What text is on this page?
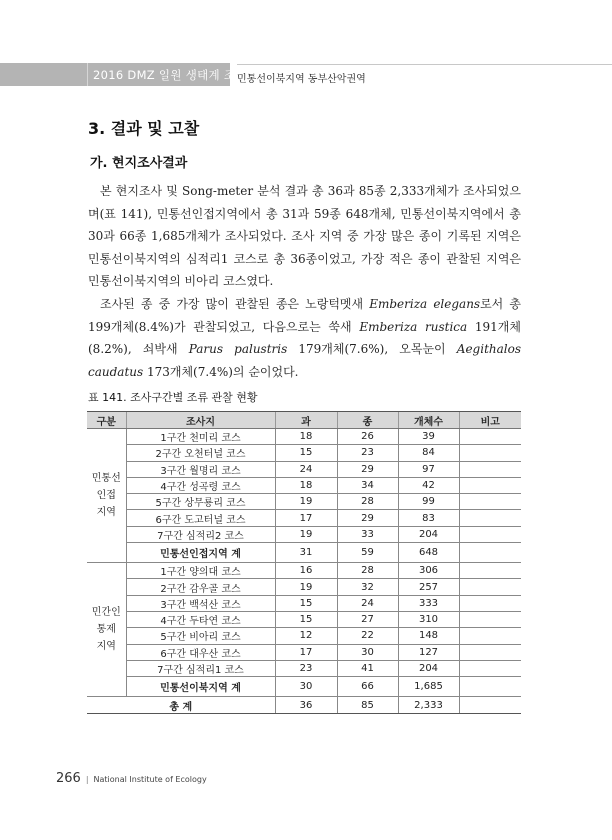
2016 DMZ 일원 생태계 조사
민통선이북지역 동부산악권역
3. 결과 및 고찰
가. 현지조사결과
본 현지조사 및 Song-meter 분석 결과 총 36과 85종 2,333개체가 조사되었으며(표 141), 민통선인접지역에서 총 31과 59종 648개체, 민통선이북지역에서 총 30과 66종 1,685개체가 조사되었다. 조사 지역 중 가장 많은 종이 기록된 지역은 민통선이북지역의 심적리1 코스로 총 36종이었고, 가장 적은 종이 관찰된 지역은 민통선이북지역의 비아리 코스였다.
조사된 종 중 가장 많이 관찰된 종은 노랑턱멧새 Emberiza elegans로서 총 199개체(8.4%)가 관찰되었고, 다음으로는 쑥새 Emberiza rustica 191개체(8.2%), 쇠박새 Parus palustris 179개체(7.6%), 오목눈이 Aegithalos caudatus 173개체(7.4%)의 순이었다.
표 141. 조사구간별 조류 관찰 현황
구분	조사지	과	종	개체수	비고

민통선
인접
지역	1구간 천미리 코스	18	26	39	
	2구간 오천터널 코스	15	23	84	
	3구간 월명리 코스	24	29	97	
	4구간 성곡령 코스	18	34	42	
	5구간 상무룡리 코스	19	28	99	
	6구간 도고터널 코스	17	29	83	
	7구간 심적리2 코스	19	33	204	
	민통선인접지역 계	31	59	648	

민간인
통제
지역	1구간 양의대 코스	16	28	306	
	2구간 감우골 코스	19	32	257	
	3구간 백석산 코스	15	24	333	
	4구간 두타연 코스	15	27	310	
	5구간 비아리 코스	12	22	148	
	6구간 대우산 코스	17	30	127	
	7구간 심적리1 코스	23	41	204	
	민통선이북지역 계	30	66	1,685	
총 계		36	85	2,333	
266 | National Institute of Ecology
